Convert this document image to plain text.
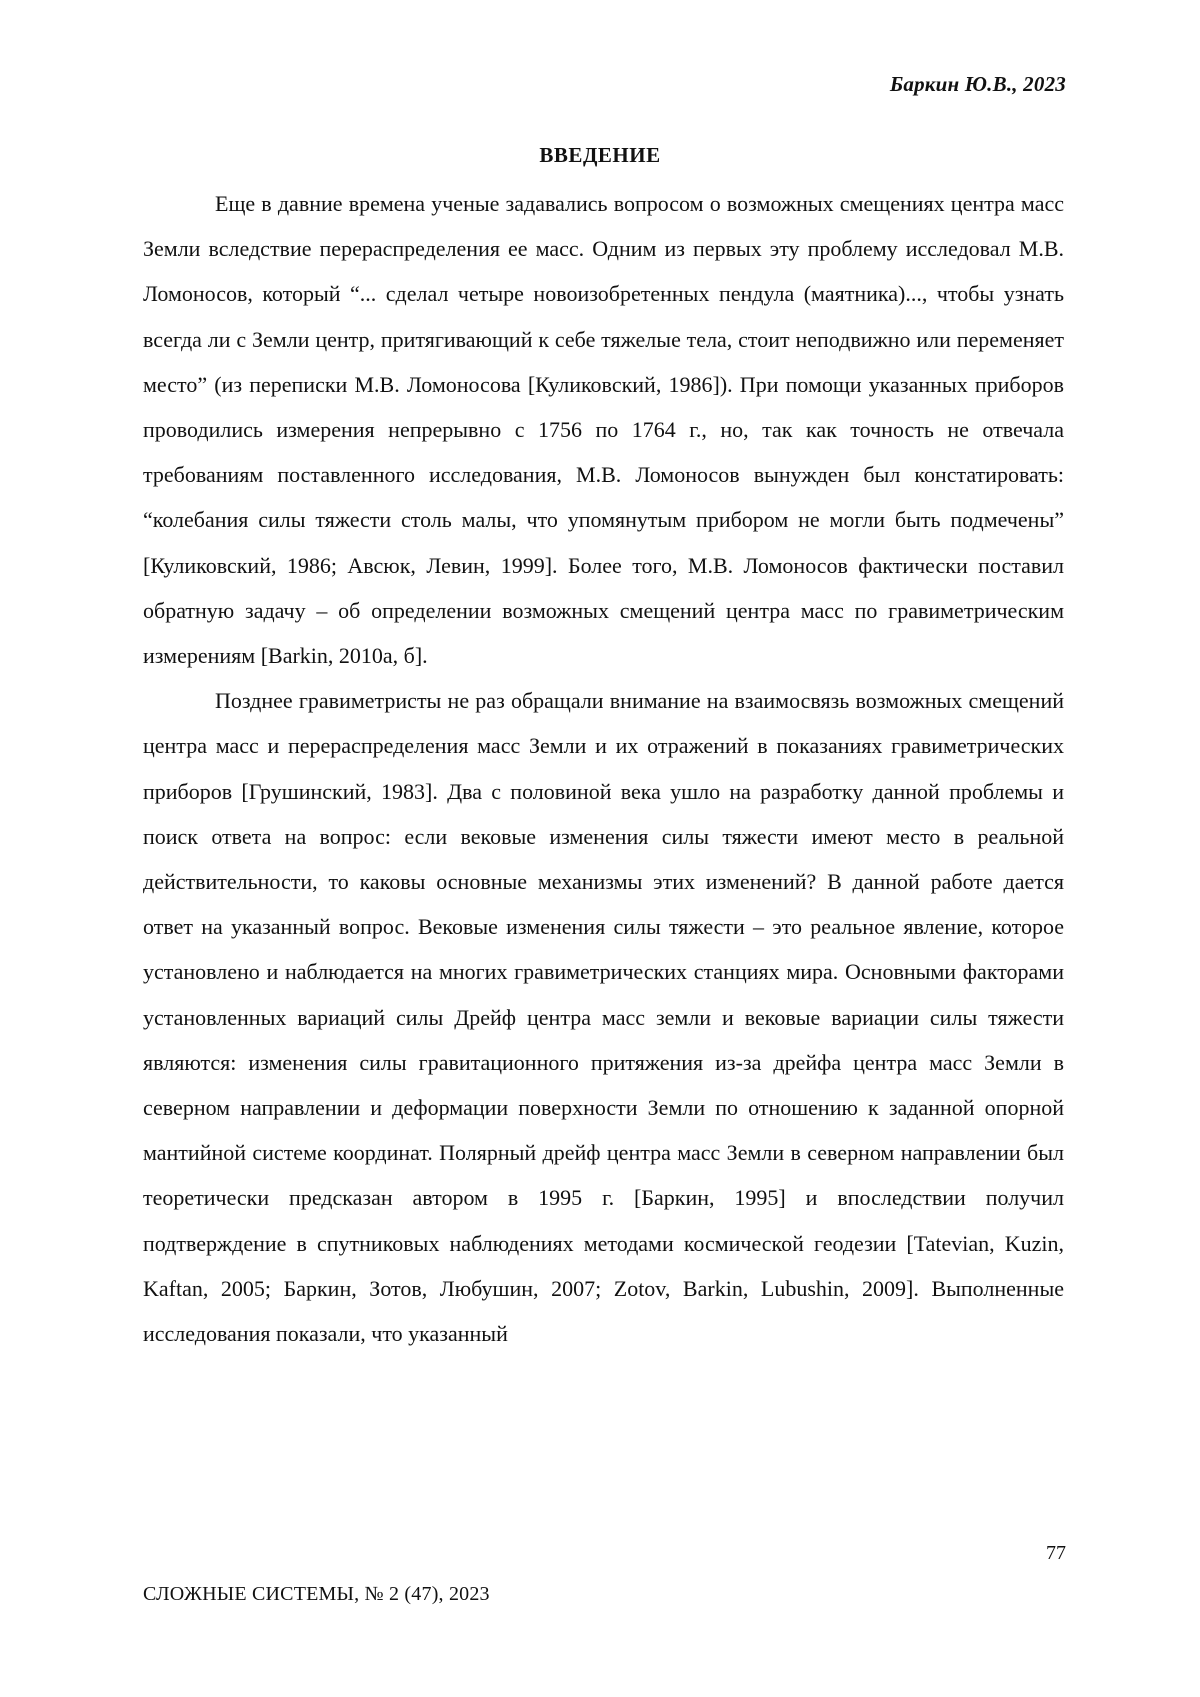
Баркин Ю.В., 2023
ВВЕДЕНИЕ

Еще в давние времена ученые задавались вопросом о возможных смещениях центра масс Земли вследствие перераспределения ее масс. Одним из первых эту проблему исследовал М.В. Ломоносов, который “... сделал четыре новоизобретенных пендула (маятника)..., чтобы узнать всегда ли с Земли центр, притягивающий к себе тяжелые тела, стоит неподвижно или переменяет место” (из переписки М.В. Ломоносова [Куликовский, 1986]). При помощи указанных приборов проводились измерения непрерывно с 1756 по 1764 г., но, так как точность не отвечала требованиям поставленного исследования, М.В. Ломоносов вынужден был констатировать: “колебания силы тяжести столь малы, что упомянутым прибором не могли быть подмечены” [Куликовский, 1986; Авсюк, Левин, 1999]. Более того, М.В. Ломоносов фактически поставил обратную задачу – об определении возможных смещений центра масс по гравиметрическим измерениям [Barkin, 2010а, б].

Позднее гравиметристы не раз обращали внимание на взаимосвязь возможных смещений центра масс и перераспределения масс Земли и их отражений в показаниях гравиметрических приборов [Грушинский, 1983]. Два с половиной века ушло на разработку данной проблемы и поиск ответа на вопрос: если вековые изменения силы тяжести имеют место в реальной действительности, то каковы основные механизмы этих изменений? В данной работе дается ответ на указанный вопрос. Вековые изменения силы тяжести – это реальное явление, которое установлено и наблюдается на многих гравиметрических станциях мира. Основными факторами установленных вариаций силы Дрейф центра масс земли и вековые вариации силы тяжести являются: изменения силы гравитационного притяжения из-за дрейфа центра масс Земли в северном направлении и деформации поверхности Земли по отношению к заданной опорной мантийной системе координат. Полярный дрейф центра масс Земли в северном направлении был теоретически предсказан автором в 1995 г. [Баркин, 1995] и впоследствии получил подтверждение в спутниковых наблюдениях методами космической геодезии [Tatevian, Kuzin, Kaftan, 2005; Баркин, Зотов, Любушин, 2007; Zotov, Barkin, Lubushin, 2009]. Выполненные исследования показали, что указанный

77
СЛОЖНЫЕ СИСТЕМЫ, № 2 (47), 2023
